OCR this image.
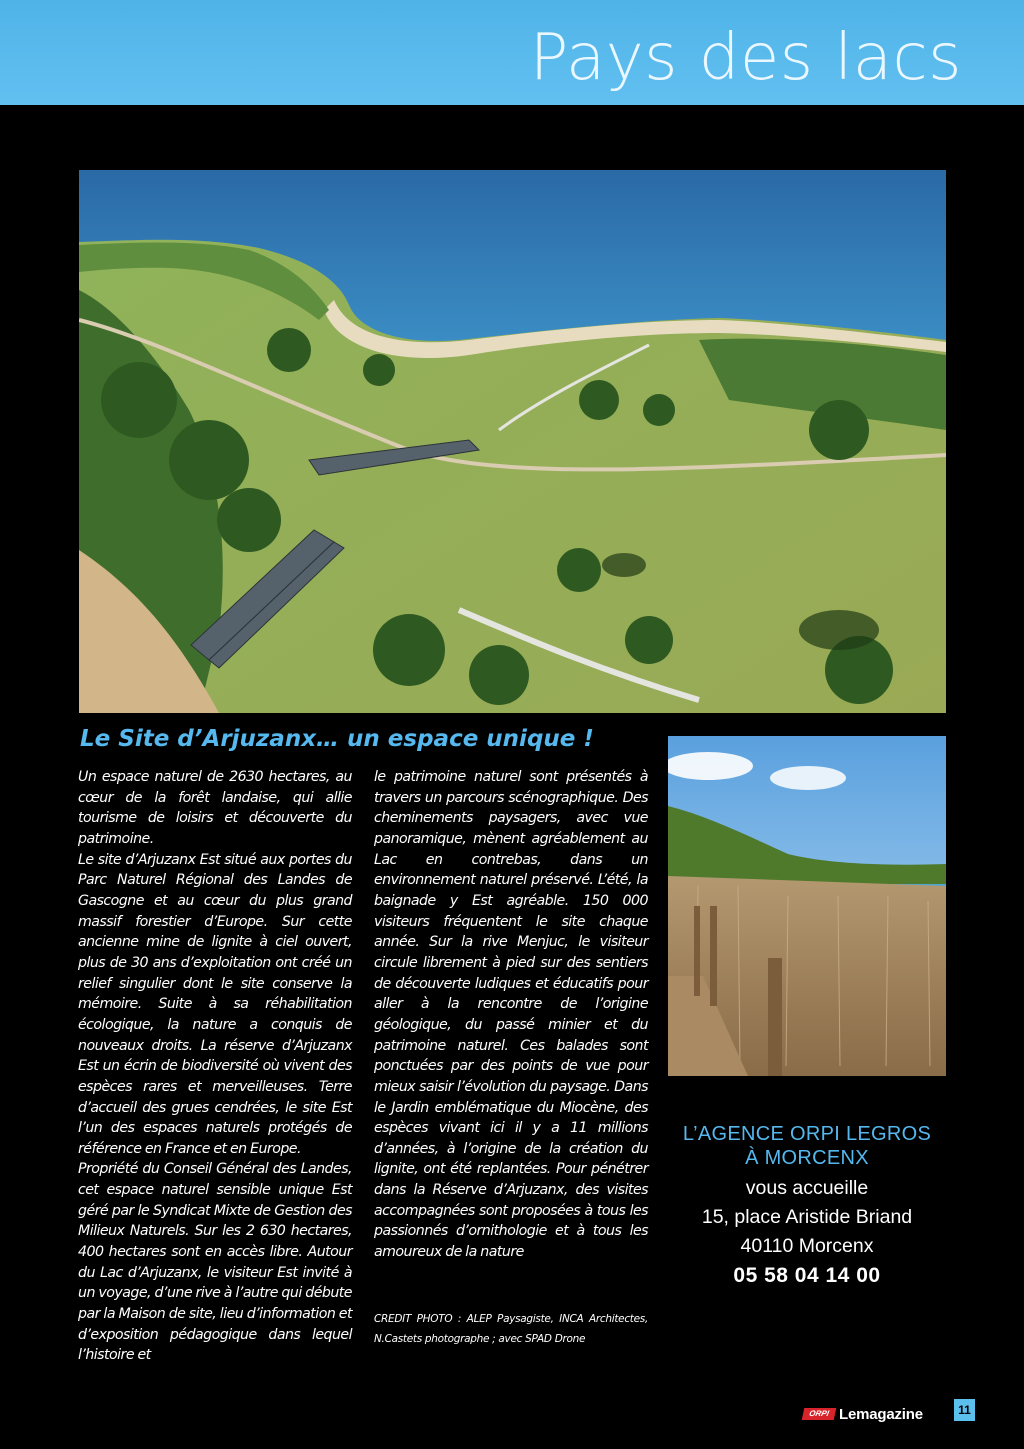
Pays des lacs
Le Site d’Arjuzanx… un espace unique !

Un espace naturel de 2630 hectares, au cœur de la forêt landaise, qui allie tourisme de loisirs et découverte du patrimoine.

Le site d’Arjuzanx Est situé aux portes du Parc Naturel Régional des Landes de Gascogne et au cœur du plus grand massif forestier d’Europe. Sur cette ancienne mine de lignite à ciel ouvert, plus de 30 ans d’exploitation ont créé un relief singulier dont le site conserve la mémoire. Suite à sa réhabilitation écologique, la nature a conquis de nouveaux droits. La réserve d’Arjuzanx Est un écrin de biodiversité où vivent des espèces rares et merveilleuses. Terre d’accueil des grues cendrées, le site Est l’un des espaces naturels protégés de référence en France et en Europe.

Propriété du Conseil Général des Landes, cet espace naturel sensible unique Est géré par le Syndicat Mixte de Gestion des Milieux Naturels. Sur les 2 630 hectares, 400 hectares sont en accès libre. Autour du Lac d’Arjuzanx, le visiteur Est invité à un voyage, d’une rive à l’autre qui débute par la Maison de site, lieu d’information et d’exposition pédagogique dans lequel l’histoire et

le patrimoine naturel sont présentés à travers un parcours scénographique. Des cheminements paysagers, avec vue panoramique, mènent agréablement au Lac en contrebas, dans un environnement naturel préservé. L’été, la baignade y Est agréable. 150 000 visiteurs fréquentent le site chaque année. Sur la rive Menjuc, le visiteur circule librement à pied sur des sentiers de découverte ludiques et éducatifs pour aller à la rencontre de l’origine géologique, du passé minier et du patrimoine naturel. Ces balades sont ponctuées par des points de vue pour mieux saisir l’évolution du paysage. Dans le Jardin emblématique du Miocène, des espèces vivant ici il y a 11 millions d’années, à l’origine de la création du lignite, ont été replantées. Pour pénétrer dans la Réserve d’Arjuzanx, des visites accompagnées sont proposées à tous les passionnés d’ornithologie et à tous les amoureux de la nature

CREDIT PHOTO : ALEP Paysagiste, INCA Architectes, N.Castets photographe ; avec SPAD Drone
L’AGENCE ORPI LEGROS
À MORCENX
vous accueille
15, place Aristide Briand
40110 Morcenx
05 58 04 14 00
ORPI Lemagazine	11
